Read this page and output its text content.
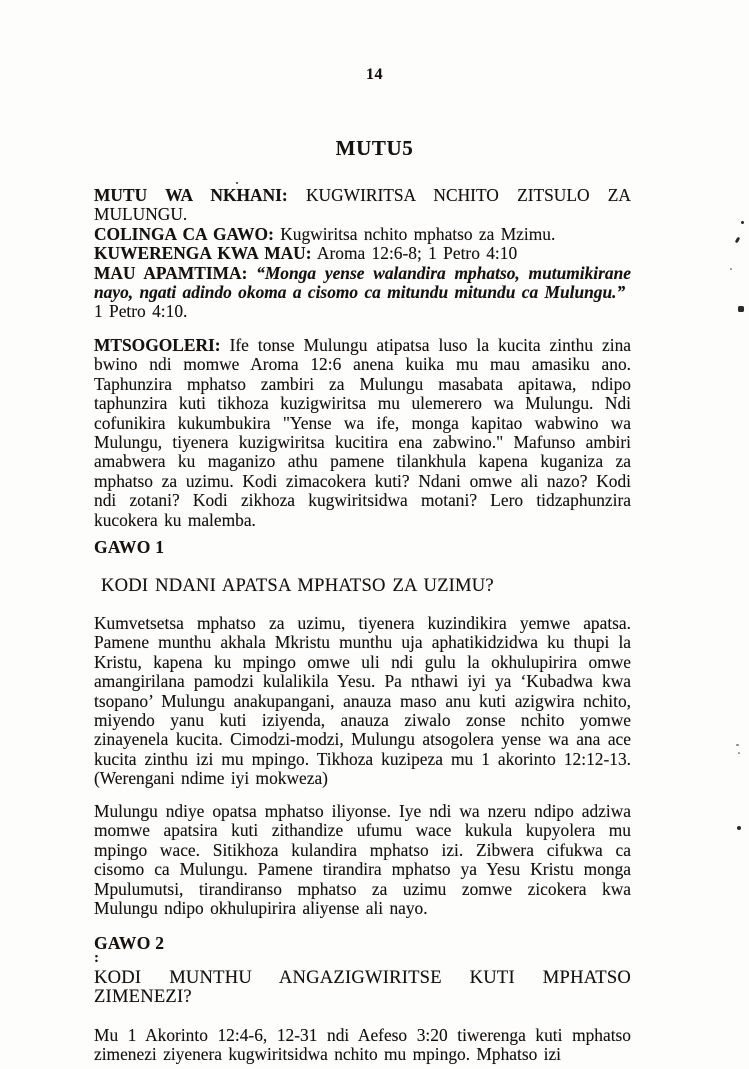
14
MUTU5

MUTU WA NKHANI: KUGWIRITSA NCHITO ZITSULO ZA

MULUNGU.

COLINGA CA GAWO: Kugwiritsa nchito mphatso za Mzimu.

KUWERENGA KWA MAU: Aroma 12:6-8; 1 Petro 4:10

MAU APAMTIMA: “Monga yense walandira mphatso, mutumikirane nayo, ngati adindo okoma a cisomo ca mitundu mitundu ca Mulungu.”

1 Petro 4:10.

MTSOGOLERI: Ife tonse Mulungu atipatsa luso la kucita zinthu zina bwino ndi momwe Aroma 12:6 anena kuika mu mau amasiku ano. Taphunzira mphatso zambiri za Mulungu masabata apitawa, ndipo taphunzira kuti tikhoza kuzigwiritsa mu ulemerero wa Mulungu. Ndi cofunikira kukumbukira "Yense wa ife, monga kapitao wabwino wa Mulungu, tiyenera kuzigwiritsa kucitira ena zabwino." Mafunso ambiri amabwera ku maganizo athu pamene tilankhula kapena kuganiza za mphatso za uzimu. Kodi zimacokera kuti? Ndani omwe ali nazo? Kodi ndi zotani? Kodi zikhoza kugwiritsidwa motani? Lero tidzaphunzira kucokera ku malemba.

GAWO 1

KODI NDANI APATSA MPHATSO ZA UZIMU?

Kumvetsetsa mphatso za uzimu, tiyenera kuzindikira yemwe apatsa. Pamene munthu akhala Mkristu munthu uja aphatikidzidwa ku thupi la Kristu, kapena ku mpingo omwe uli ndi gulu la okhulupirira omwe amangirilana pamodzi kulalikila Yesu. Pa nthawi iyi ya ‘Kubadwa kwa tsopano’ Mulungu anakupangani, anauza maso anu kuti azigwira nchito, miyendo yanu kuti iziyenda, anauza ziwalo zonse nchito yomwe zinayenela kucita. Cimodzi-modzi, Mulungu atsogolera yense wa ana ace kucita zinthu izi mu mpingo. Tikhoza kuzipeza mu 1 akorinto 12:12-13. (Werengani ndime iyi mokweza)

Mulungu ndiye opatsa mphatso iliyonse. Iye ndi wa nzeru ndipo adziwa momwe apatsira kuti zithandize ufumu wace kukula kupyolera mu mpingo wace. Sitikhoza kulandira mphatso izi. Zibwera cifukwa ca cisomo ca Mulungu. Pamene tirandira mphatso ya Yesu Kristu monga Mpulumutsi, tirandiranso mphatso za uzimu zomwe zicokera kwa Mulungu ndipo okhulupirira aliyense ali nayo.

GAWO 2

:

KODI MUNTHU ANGAZIGWIRITSE KUTI MPHATSO

ZIMENEZI?

Mu 1 Akorinto 12:4-6, 12-31 ndi Aefeso 3:20 tiwerenga kuti mphatso zimenezi ziyenera kugwiritsidwa nchito mu mpingo. Mphatso izi
